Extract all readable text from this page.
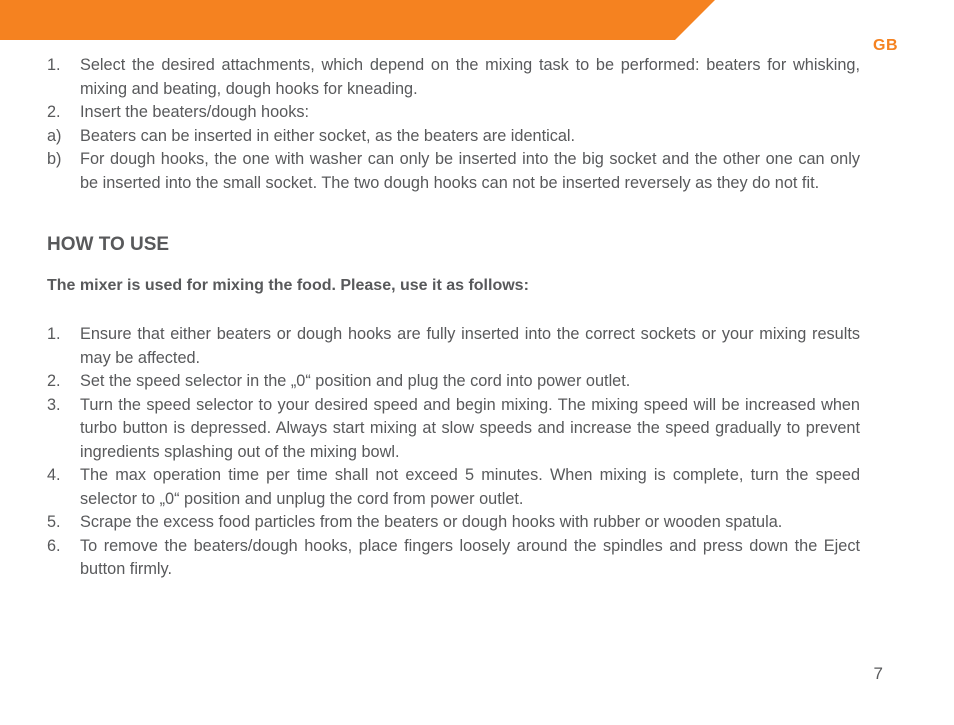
GB
1. Select the desired attachments, which depend on the mixing task to be performed: beaters for whisking, mixing and beating, dough hooks for kneading.
2. Insert the beaters/dough hooks:
a) Beaters can be inserted in either socket, as the beaters are identical.
b) For dough hooks, the one with washer can only be inserted into the big socket and the other one can only be inserted into the small socket. The two dough hooks can not be inserted reversely as they do not fit.
HOW TO USE
The mixer is used for mixing the food. Please, use it as follows:
1. Ensure that either beaters or dough hooks are fully inserted into the correct sockets or your mixing results may be affected.
2. Set the speed selector in the „0“ position and plug the cord into power outlet.
3. Turn the speed selector to your desired speed and begin mixing. The mixing speed will be increased when turbo button is depressed. Always start mixing at slow speeds and increase the speed gradually to prevent ingredients splashing out of the mixing bowl.
4. The max operation time per time shall not exceed 5 minutes. When mixing is complete, turn the speed selector to „0“ position and unplug the cord from power outlet.
5. Scrape the excess food particles from the beaters or dough hooks with rubber or wooden spatula.
6. To remove the beaters/dough hooks, place fingers loosely around the spindles and press down the Eject button firmly.
7
